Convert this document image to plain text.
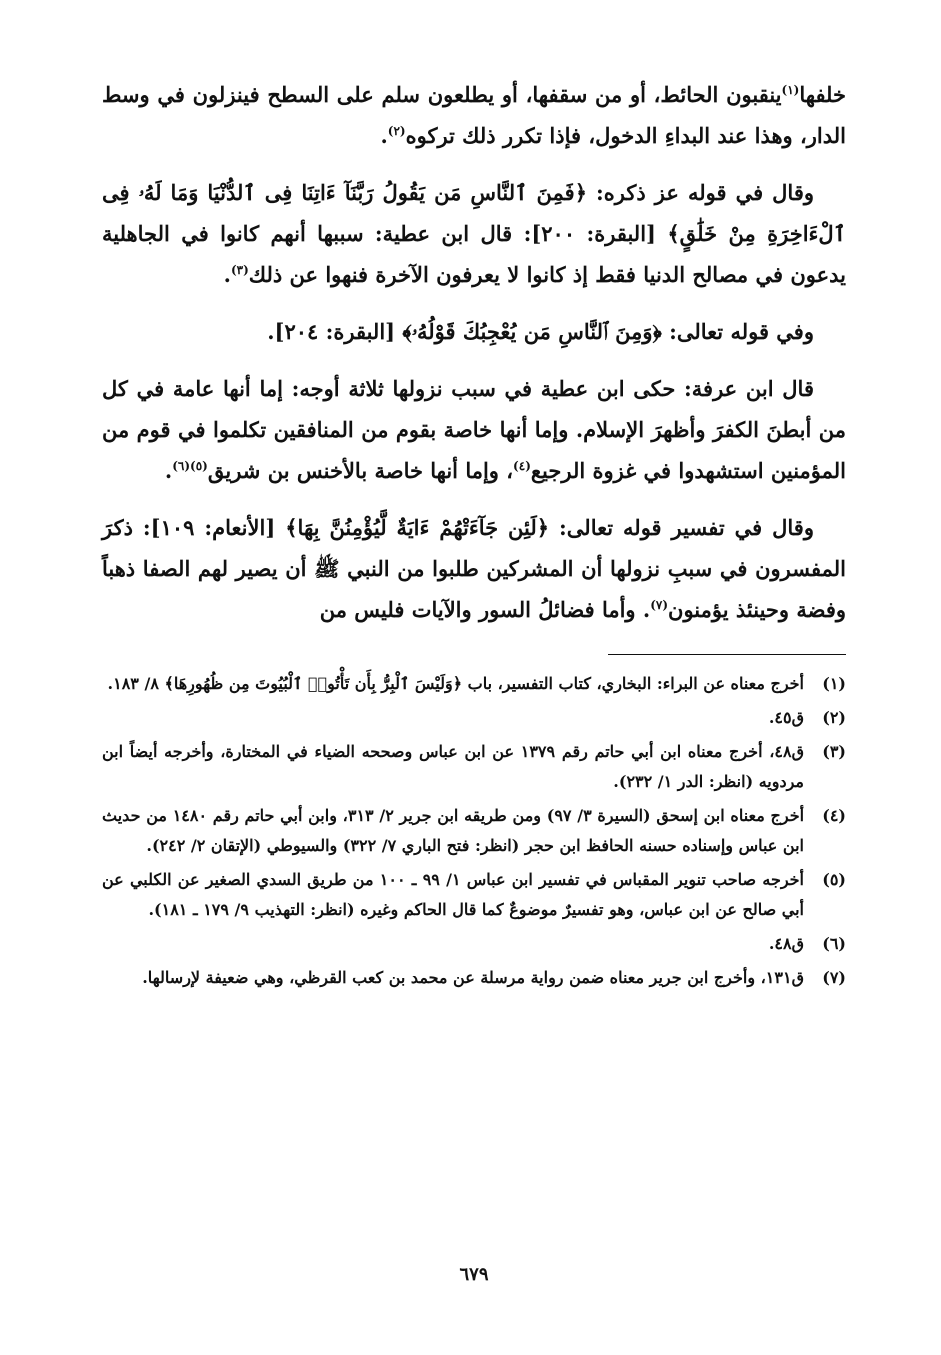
خلفها$^{(١)}$ينقبون الحائط، أو من سقفها، أو يطلعون سلم على السطح فينزلون في وسط الدار، وهذا عند البداءِ الدخول، فإذا تكرر ذلك تركوه$^{(٢)}$.

وقال في قوله عز ذكره: ﴿فَمِنَ ٱلنَّاسِ مَن يَقُولُ رَبَّنَآ ءَاتِنَا فِى ٱلدُّنْيَا وَمَا لَهُۥ فِى ٱلْءَاخِرَةِ مِنْ خَلَٰقٍ﴾ [البقرة: ٢٠٠]: قال ابن عطية: سببها أنهم كانوا في الجاهلية يدعون في مصالح الدنيا فقط إذ كانوا لا يعرفون الآخرة فنهوا عن ذلك$^{(٣)}$.

وفي قوله تعالى: ﴿وَمِنَ ٱلنَّاسِ مَن يُعْجِبُكَ قَوْلُهُۥ﴾ [البقرة: ٢٠٤].

قال ابن عرفة: حكى ابن عطية في سبب نزولها ثلاثة أوجه: إما أنها عامة في كل من أبطنَ الكفرَ وأظهرَ الإسلام. وإما أنها خاصة بقوم من المنافقين تكلموا في قوم من المؤمنين استشهدوا في غزوة الرجيع$^{(٤)}$، وإما أنها خاصة بالأخنس بن شريق$^{(٥)(٦)}$.

وقال في تفسير قوله تعالى: ﴿لَئِن جَآءَتْهُمْ ءَايَةٌ لَّيُؤْمِنُنَّ بِهَا﴾ [الأنعام: ١٠٩]: ذكرَ المفسرون في سببِ نزولها أن المشركين طلبوا من النبي ﷺ أن يصير لهم الصفا ذهباً وفضة وحينئذ يؤمنون$^{(٧)}$. وأما فضائلُ السور والآيات فليس من

(١)
أخرج معناه عن البراء: البخاري، كتاب التفسير، باب ﴿وَلَيْسَ ٱلْبِرُّ بِأَن تَأْتُوا۟ ٱلْبُيُوتَ مِن ظُهُورِهَا﴾ ٨/ ١٨٣.
(٢)
ق٤٥.
(٣)
ق٤٨، أخرج معناه ابن أبي حاتم رقم ١٣٧٩ عن ابن عباس وصححه الضياء في المختارة، وأخرجه أيضاً ابن مردويه (انظر: الدر ١/ ٢٣٢).
(٤)
أخرج معناه ابن إسحق (السيرة ٣/ ٩٧) ومن طريقه ابن جرير ٢/ ٣١٣، وابن أبي حاتم رقم ١٤٨٠ من حديث ابن عباس وإسناده حسنه الحافظ ابن حجر (انظر: فتح الباري ٧/ ٣٢٢) والسيوطي (الإتقان ٢/ ٢٤٢).
(٥)
أخرجه صاحب تنوير المقباس في تفسير ابن عباس ١/ ٩٩ ـ ١٠٠ من طريق السدي الصغير عن الكلبي عن أبي صالح عن ابن عباس، وهو تفسيرٌ موضوعٌ كما قال الحاكم وغيره (انظر: التهذيب ٩/ ١٧٩ ـ ١٨١).
(٦)
ق٤٨.
(٧)
ق١٣١، وأخرج ابن جرير معناه ضمن رواية مرسلة عن محمد بن كعب القرظي، وهي ضعيفة لإرسالها.
٦٧٩
